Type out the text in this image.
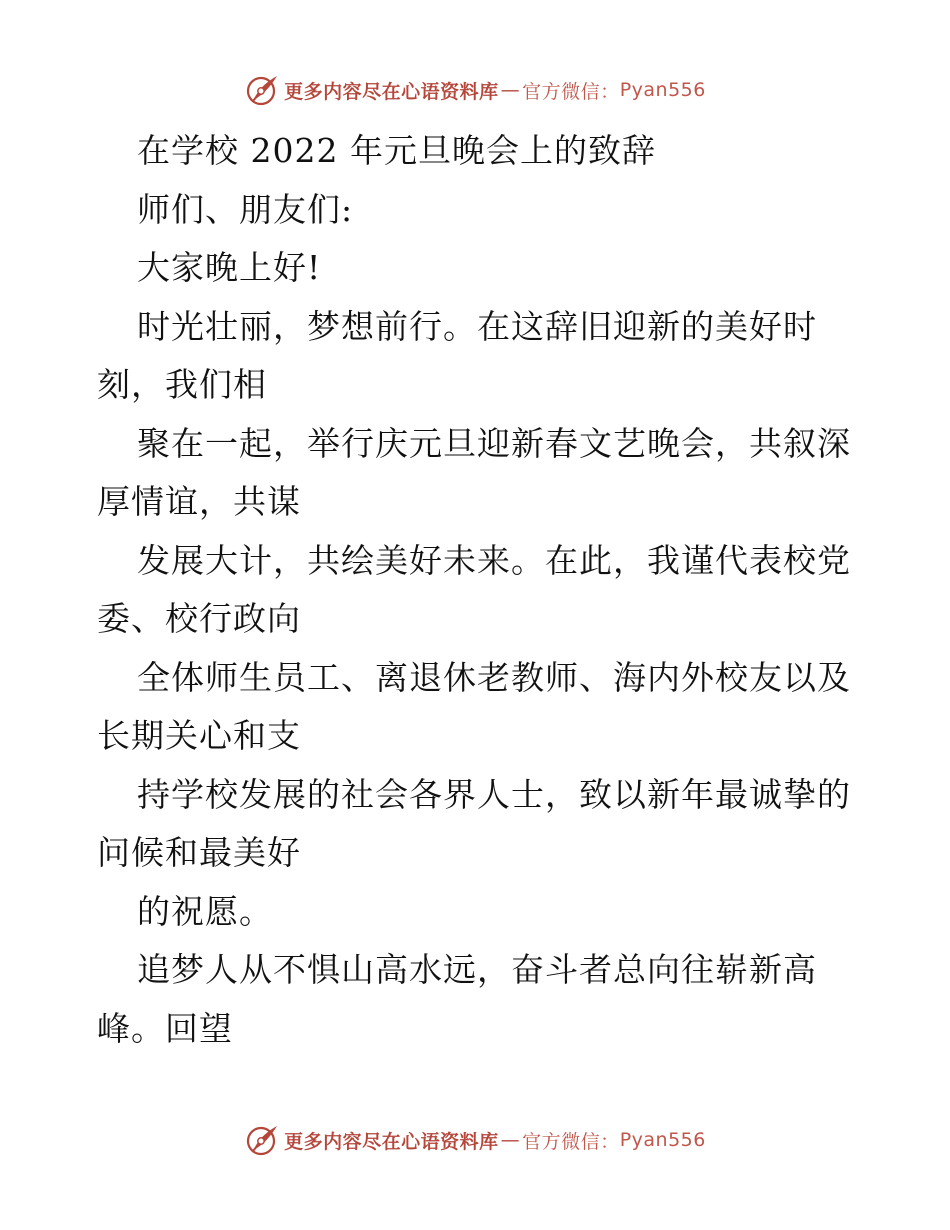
更多内容尽在心语资料库 — 官方微信： Pyan556
在学校 2022 年元旦晚会上的致辞
师们、朋友们:
大家晚上好!
时光壮丽，梦想前行。在这辞旧迎新的美好时
刻，我们相
聚在一起，举行庆元旦迎新春文艺晚会，共叙深
厚情谊，共谋
发展大计，共绘美好未来。在此，我谨代表校党
委、校行政向
全体师生员工、离退休老教师、海内外校友以及
长期关心和支
持学校发展的社会各界人士，致以新年最诚挚的
问候和最美好
的祝愿。
追梦人从不惧山高水远，奋斗者总向往崭新高
峰。回望
更多内容尽在心语资料库 — 官方微信： Pyan556
